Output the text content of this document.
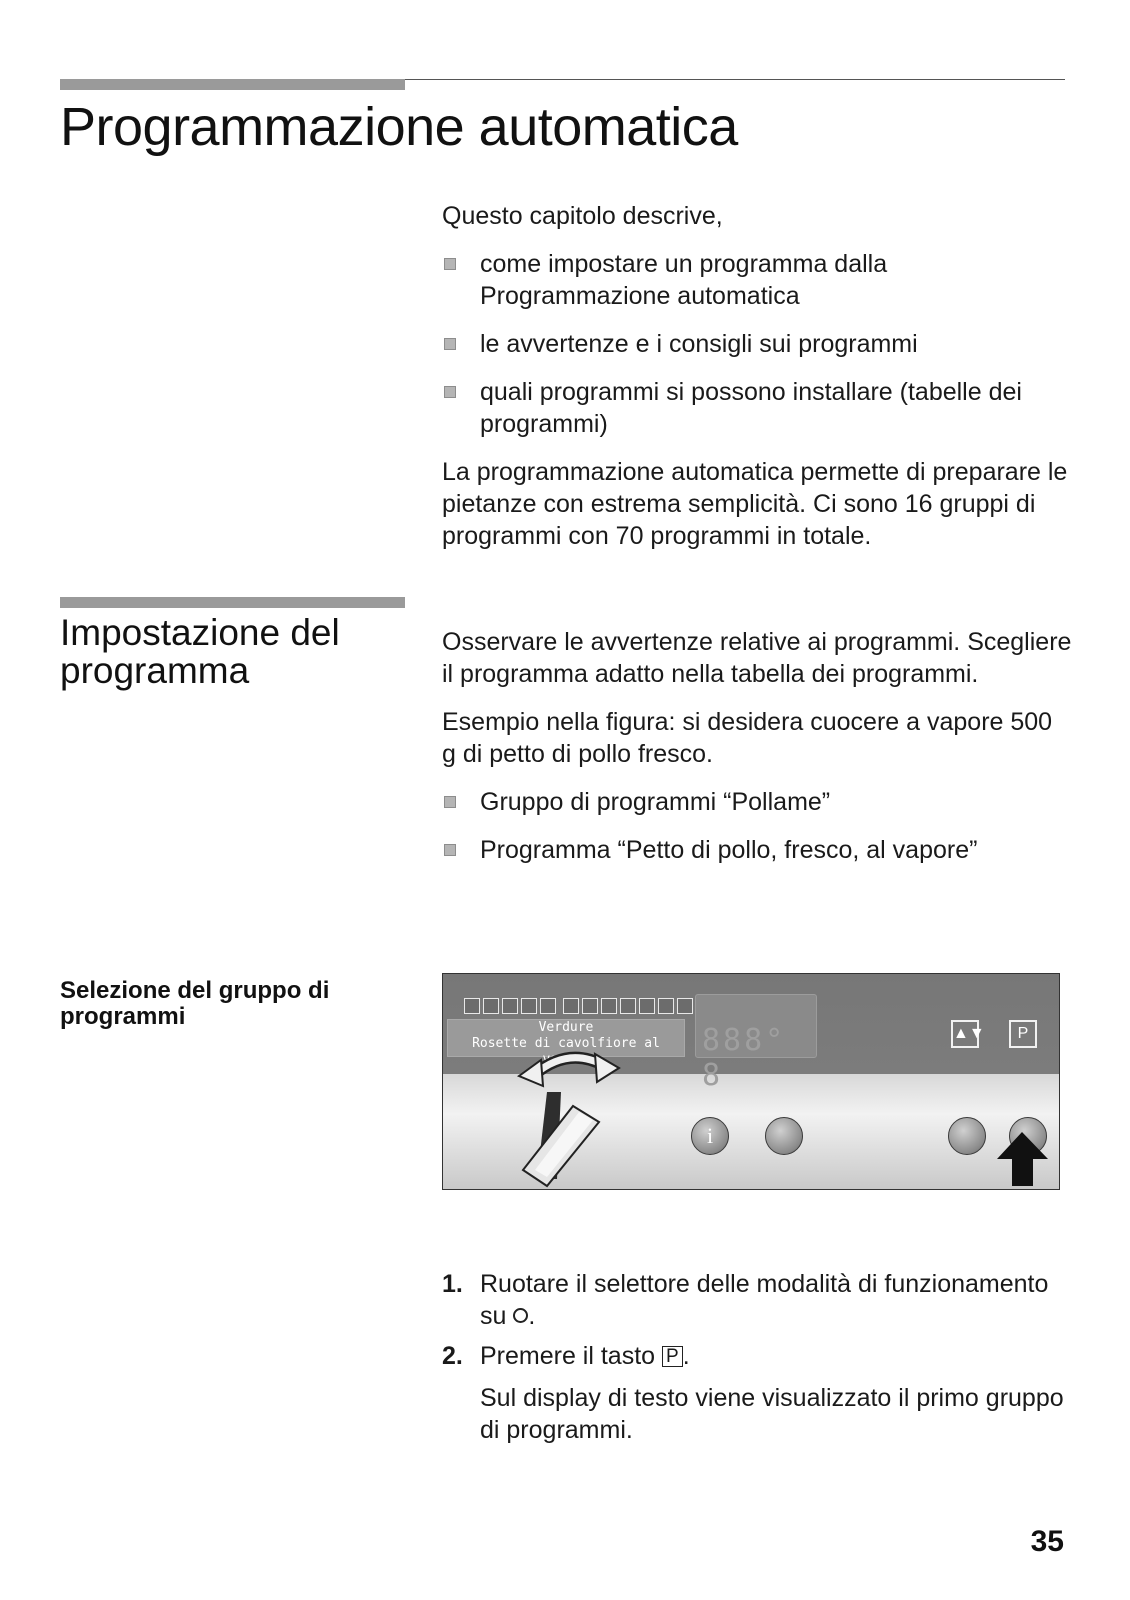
Programmazione automatica

Questo capitolo descrive,

come impostare un programma dalla Programmazione automatica
le avvertenze e i consigli sui programmi
quali programmi si possono installare (tabelle dei programmi)

La programmazione automatica permette di preparare le pietanze con estrema semplicità. Ci sono 16 gruppi di programmi con 70 programmi in totale.

Impostazione del programma

Osservare le avvertenze relative ai programmi. Scegliere il programma adatto nella tabella dei programmi.

Esempio nella figura: si desidera cuocere a vapore 500 g di petto di pollo fresco.

Gruppo di programmi “Pollame”
Programma “Petto di pollo, fresco, al vapore”
Selezione del gruppo di programmi	Verdure
Rosette di cavolfiore al vapore
888° 8
▲▼	P
i
1. Ruotare il selettore delle modalità di funzionamento su .
2. Premere il tasto P .
Sul display di testo viene visualizzato il primo gruppo di programmi.
35
